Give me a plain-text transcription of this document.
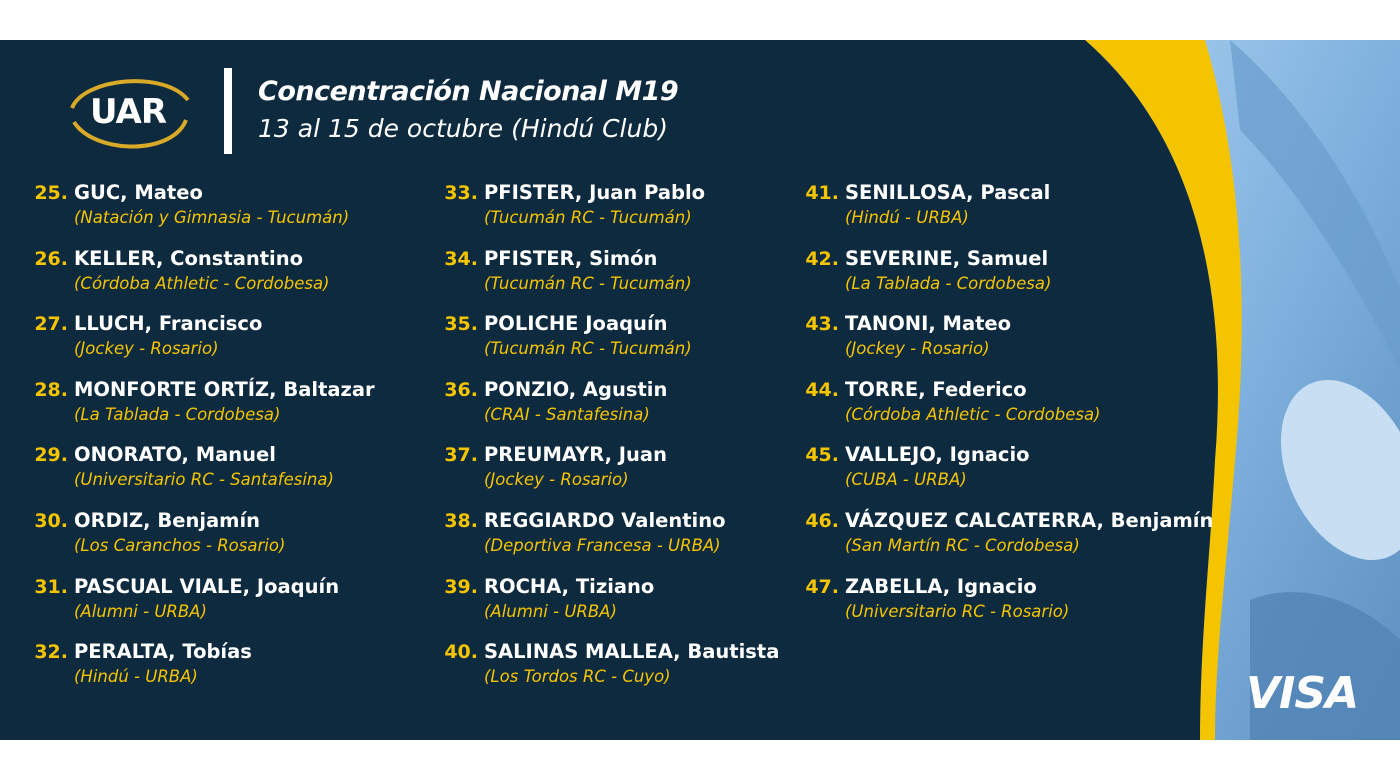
UAR
Concentración Nacional M19
13 al 15 de octubre (Hindú Club)
25. GUC, Mateo
(Natación y Gimnasia - Tucumán)
26. KELLER, Constantino
(Córdoba Athletic - Cordobesa)
27. LLUCH, Francisco
(Jockey - Rosario)
28. MONFORTE ORTÍZ, Baltazar
(La Tablada - Cordobesa)
29. ONORATO, Manuel
(Universitario RC - Santafesina)
30. ORDIZ, Benjamín
(Los Caranchos - Rosario)
31. PASCUAL VIALE, Joaquín
(Alumni - URBA)
32. PERALTA, Tobías
(Hindú - URBA)
33. PFISTER, Juan Pablo
(Tucumán RC - Tucumán)
34. PFISTER, Simón
(Tucumán RC - Tucumán)
35. POLICHE Joaquín
(Tucumán RC - Tucumán)
36. PONZIO, Agustin
(CRAI - Santafesina)
37. PREUMAYR, Juan
(Jockey - Rosario)
38. REGGIARDO Valentino
(Deportiva Francesa - URBA)
39. ROCHA, Tiziano
(Alumni - URBA)
40. SALINAS MALLEA, Bautista
(Los Tordos RC - Cuyo)
41. SENILLOSA, Pascal
(Hindú - URBA)
42. SEVERINE, Samuel
(La Tablada - Cordobesa)
43. TANONI, Mateo
(Jockey - Rosario)
44. TORRE, Federico
(Córdoba Athletic - Cordobesa)
45. VALLEJO, Ignacio
(CUBA - URBA)
46. VÁZQUEZ CALCATERRA, Benjamín
(San Martín RC - Cordobesa)
47. ZABELLA, Ignacio
(Universitario RC - Rosario)
VISA
